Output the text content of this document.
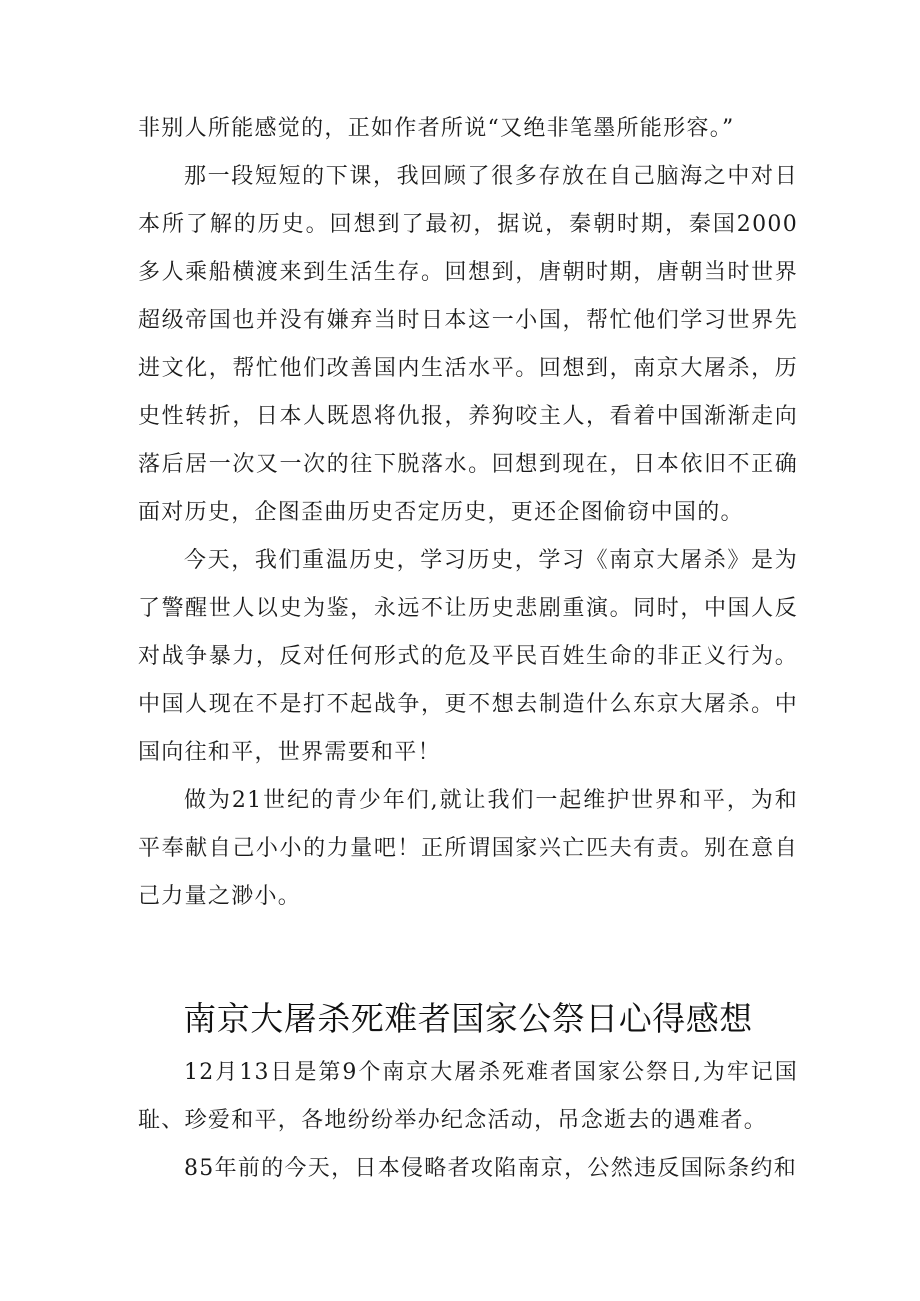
非别人所能感觉的，正如作者所说“又绝非笔墨所能形容。”

那一段短短的下课，我回顾了很多存放在自己脑海之中对日本所了解的历史。回想到了最初，据说，秦朝时期，秦国2000多人乘船横渡来到生活生存。回想到，唐朝时期，唐朝当时世界超级帝国也并没有嫌弃当时日本这一小国，帮忙他们学习世界先进文化，帮忙他们改善国内生活水平。回想到，南京大屠杀，历史性转折，日本人既恩将仇报，养狗咬主人，看着中国渐渐走向落后居一次又一次的往下脱落水。回想到现在，日本依旧不正确面对历史，企图歪曲历史否定历史，更还企图偷窃中国的。

今天，我们重温历史，学习历史，学习《南京大屠杀》是为了警醒世人以史为鉴，永远不让历史悲剧重演。同时，中国人反对战争暴力，反对任何形式的危及平民百姓生命的非正义行为。中国人现在不是打不起战争，更不想去制造什么东京大屠杀。中国向往和平，世界需要和平！

做为21世纪的青少年们,就让我们一起维护世界和平，为和平奉献自己小小的力量吧！正所谓国家兴亡匹夫有责。别在意自己力量之渺小。

南京大屠杀死难者国家公祭日心得感想

12月13日是第9个南京大屠杀死难者国家公祭日,为牢记国耻、珍爱和平，各地纷纷举办纪念活动，吊念逝去的遇难者。

85年前的今天，日本侵略者攻陷南京，公然违反国际条约和
